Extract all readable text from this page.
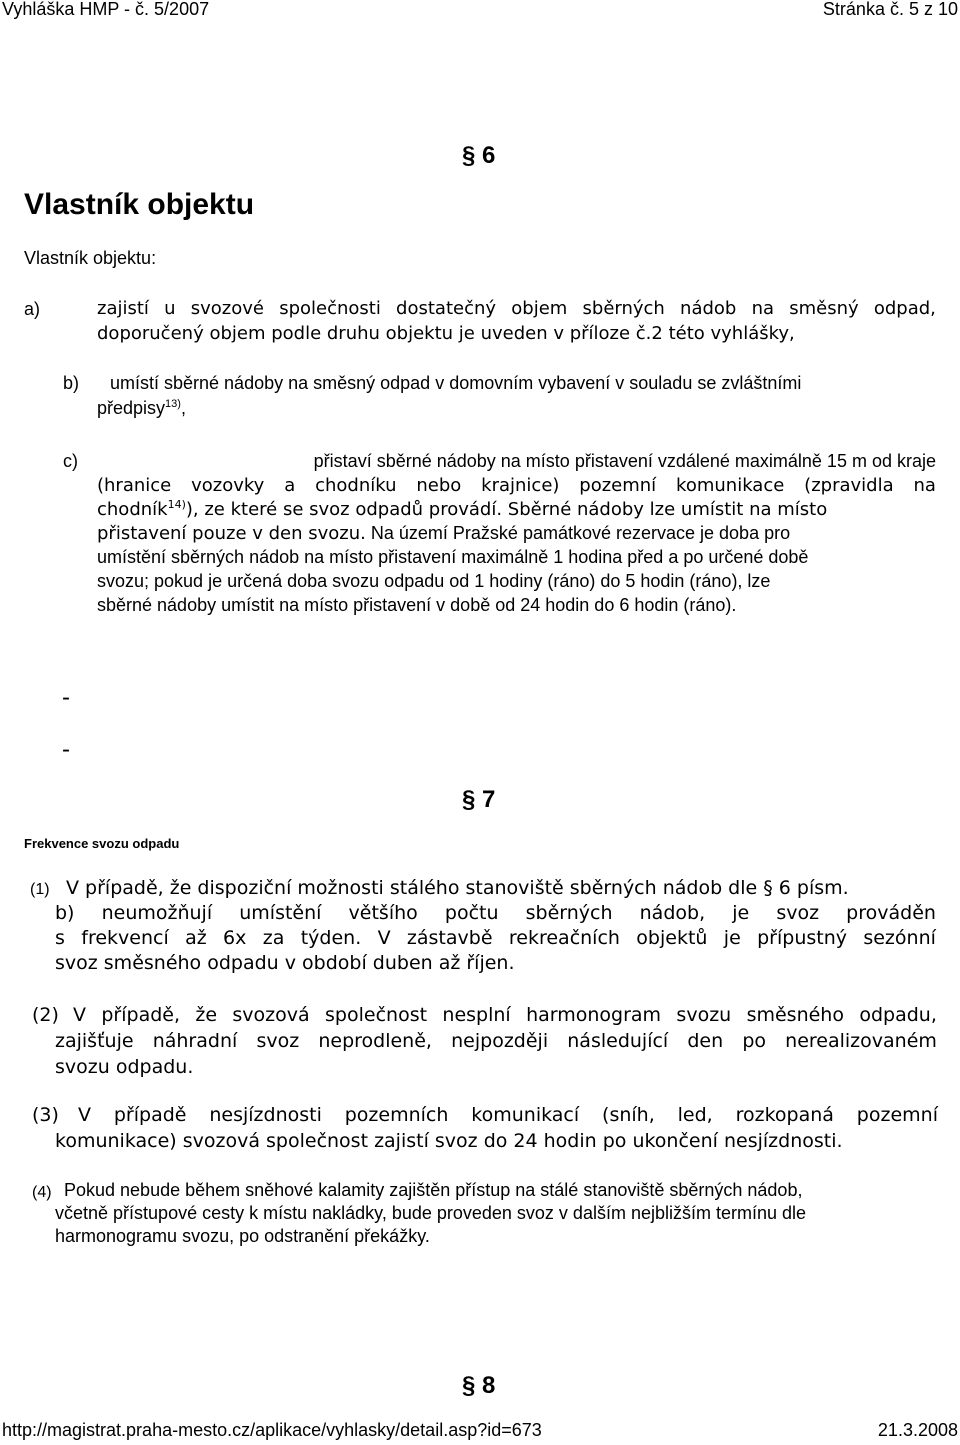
Vyhláška HMP - č. 5/2007	Stránka č. 5 z 10
§ 6
Vlastník objektu
Vlastník objektu:
a)	zajistí u svozové společnosti dostatečný objem sběrných nádob na směsný odpad,
doporučený objem podle druhu objektu je uveden v příloze č.2 této vyhlášky,
b) umístí sběrné nádoby na směsný odpad v domovním vybavení v souladu se zvláštními
předpisy$^{13)}$,
c)	přistaví sběrné nádoby na místo přistavení vzdálené maximálně 15 m od kraje
(hranice vozovky a chodníku nebo krajnice) pozemní komunikace (zpravidla na
chodník$^{14)}$), ze které se svoz odpadů provádí. Sběrné nádoby lze umístit na místo
přistavení pouze v den svozu. Na území Pražské památkové rezervace je doba pro
umístění sběrných nádob na místo přistavení maximálně 1 hodina před a po určené době
svozu; pokud je určená doba svozu odpadu od 1 hodiny (ráno) do 5 hodin (ráno), lze
sběrné nádoby umístit na místo přistavení v době od 24 hodin do 6 hodin (ráno).
-
-
§ 7
Frekvence svozu odpadu
(1) V případě, že dispoziční možnosti stálého stanoviště sběrných nádob dle § 6 písm.
b) neumožňují umístění většího počtu sběrných nádob, je svoz prováděn
s frekvencí až 6x za týden. V zástavbě rekreačních objektů je přípustný sezónní
svoz směsného odpadu v období duben až říjen.
(2) V případě, že svozová společnost nesplní harmonogram svozu směsného odpadu,
zajišťuje náhradní svoz neprodleně, nejpozději následující den po nerealizovaném
svozu odpadu.
(3) V případě nesjízdnosti pozemních komunikací (sníh, led, rozkopaná pozemní
komunikace) svozová společnost zajistí svoz do 24 hodin po ukončení nesjízdnosti.
(4) Pokud nebude během sněhové kalamity zajištěn přístup na stálé stanoviště sběrných nádob,
včetně přístupové cesty k místu nakládky, bude proveden svoz v dalším nejbližším termínu dle
harmonogramu svozu, po odstranění překážky.
§ 8
http://magistrat.praha-mesto.cz/aplikace/vyhlasky/detail.asp?id=673	21.3.2008
